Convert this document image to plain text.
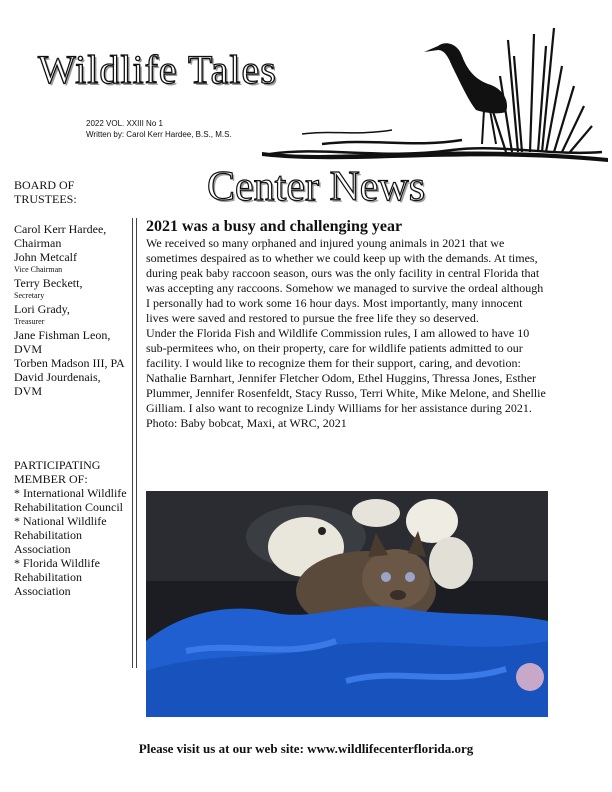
Wildlife Tales
2022 VOL. XXIII No 1
Written by: Carol Kerr Hardee, B.S., M.S.
Center News
BOARD OF
TRUSTEES:
Carol Kerr Hardee,
Chairman
John Metcalf
Vice Chairman
Terry Beckett,
Secretary
Lori Grady,
Treasurer
Jane Fishman Leon,
DVM
Torben Madson III, PA
David Jourdenais,
DVM
PARTICIPATING
MEMBER OF:
* International Wildlife Rehabilitation Council
* National Wildlife Rehabilitation Association
* Florida Wildlife Rehabilitation Association
2021 was a busy and challenging year

We received so many orphaned and injured young animals in 2021 that we sometimes despaired as to whether we could keep up with the demands. At times, during peak baby raccoon season, ours was the only facility in central Florida that was accepting any raccoons. Somehow we managed to survive the ordeal although I personally had to work some 16 hour days. Most importantly, many innocent lives were saved and restored to pursue the free life they so deserved.

Under the Florida Fish and Wildlife Commission rules, I am allowed to have 10 sub-permitees who, on their property, care for wildlife patients admitted to our facility. I would like to recognize them for their support, caring, and devotion: Nathalie Barnhart, Jennifer Fletcher Odom, Ethel Huggins, Thressa Jones, Esther Plummer, Jennifer Rosenfeldt, Stacy Russo, Terri White, Mike Melone, and Shellie Gilliam. I also want to recognize Lindy Williams for her assistance during 2021. Photo: Baby bobcat, Maxi, at WRC, 2021

Please visit us at our web site: www.wildlifecenterflorida.org
